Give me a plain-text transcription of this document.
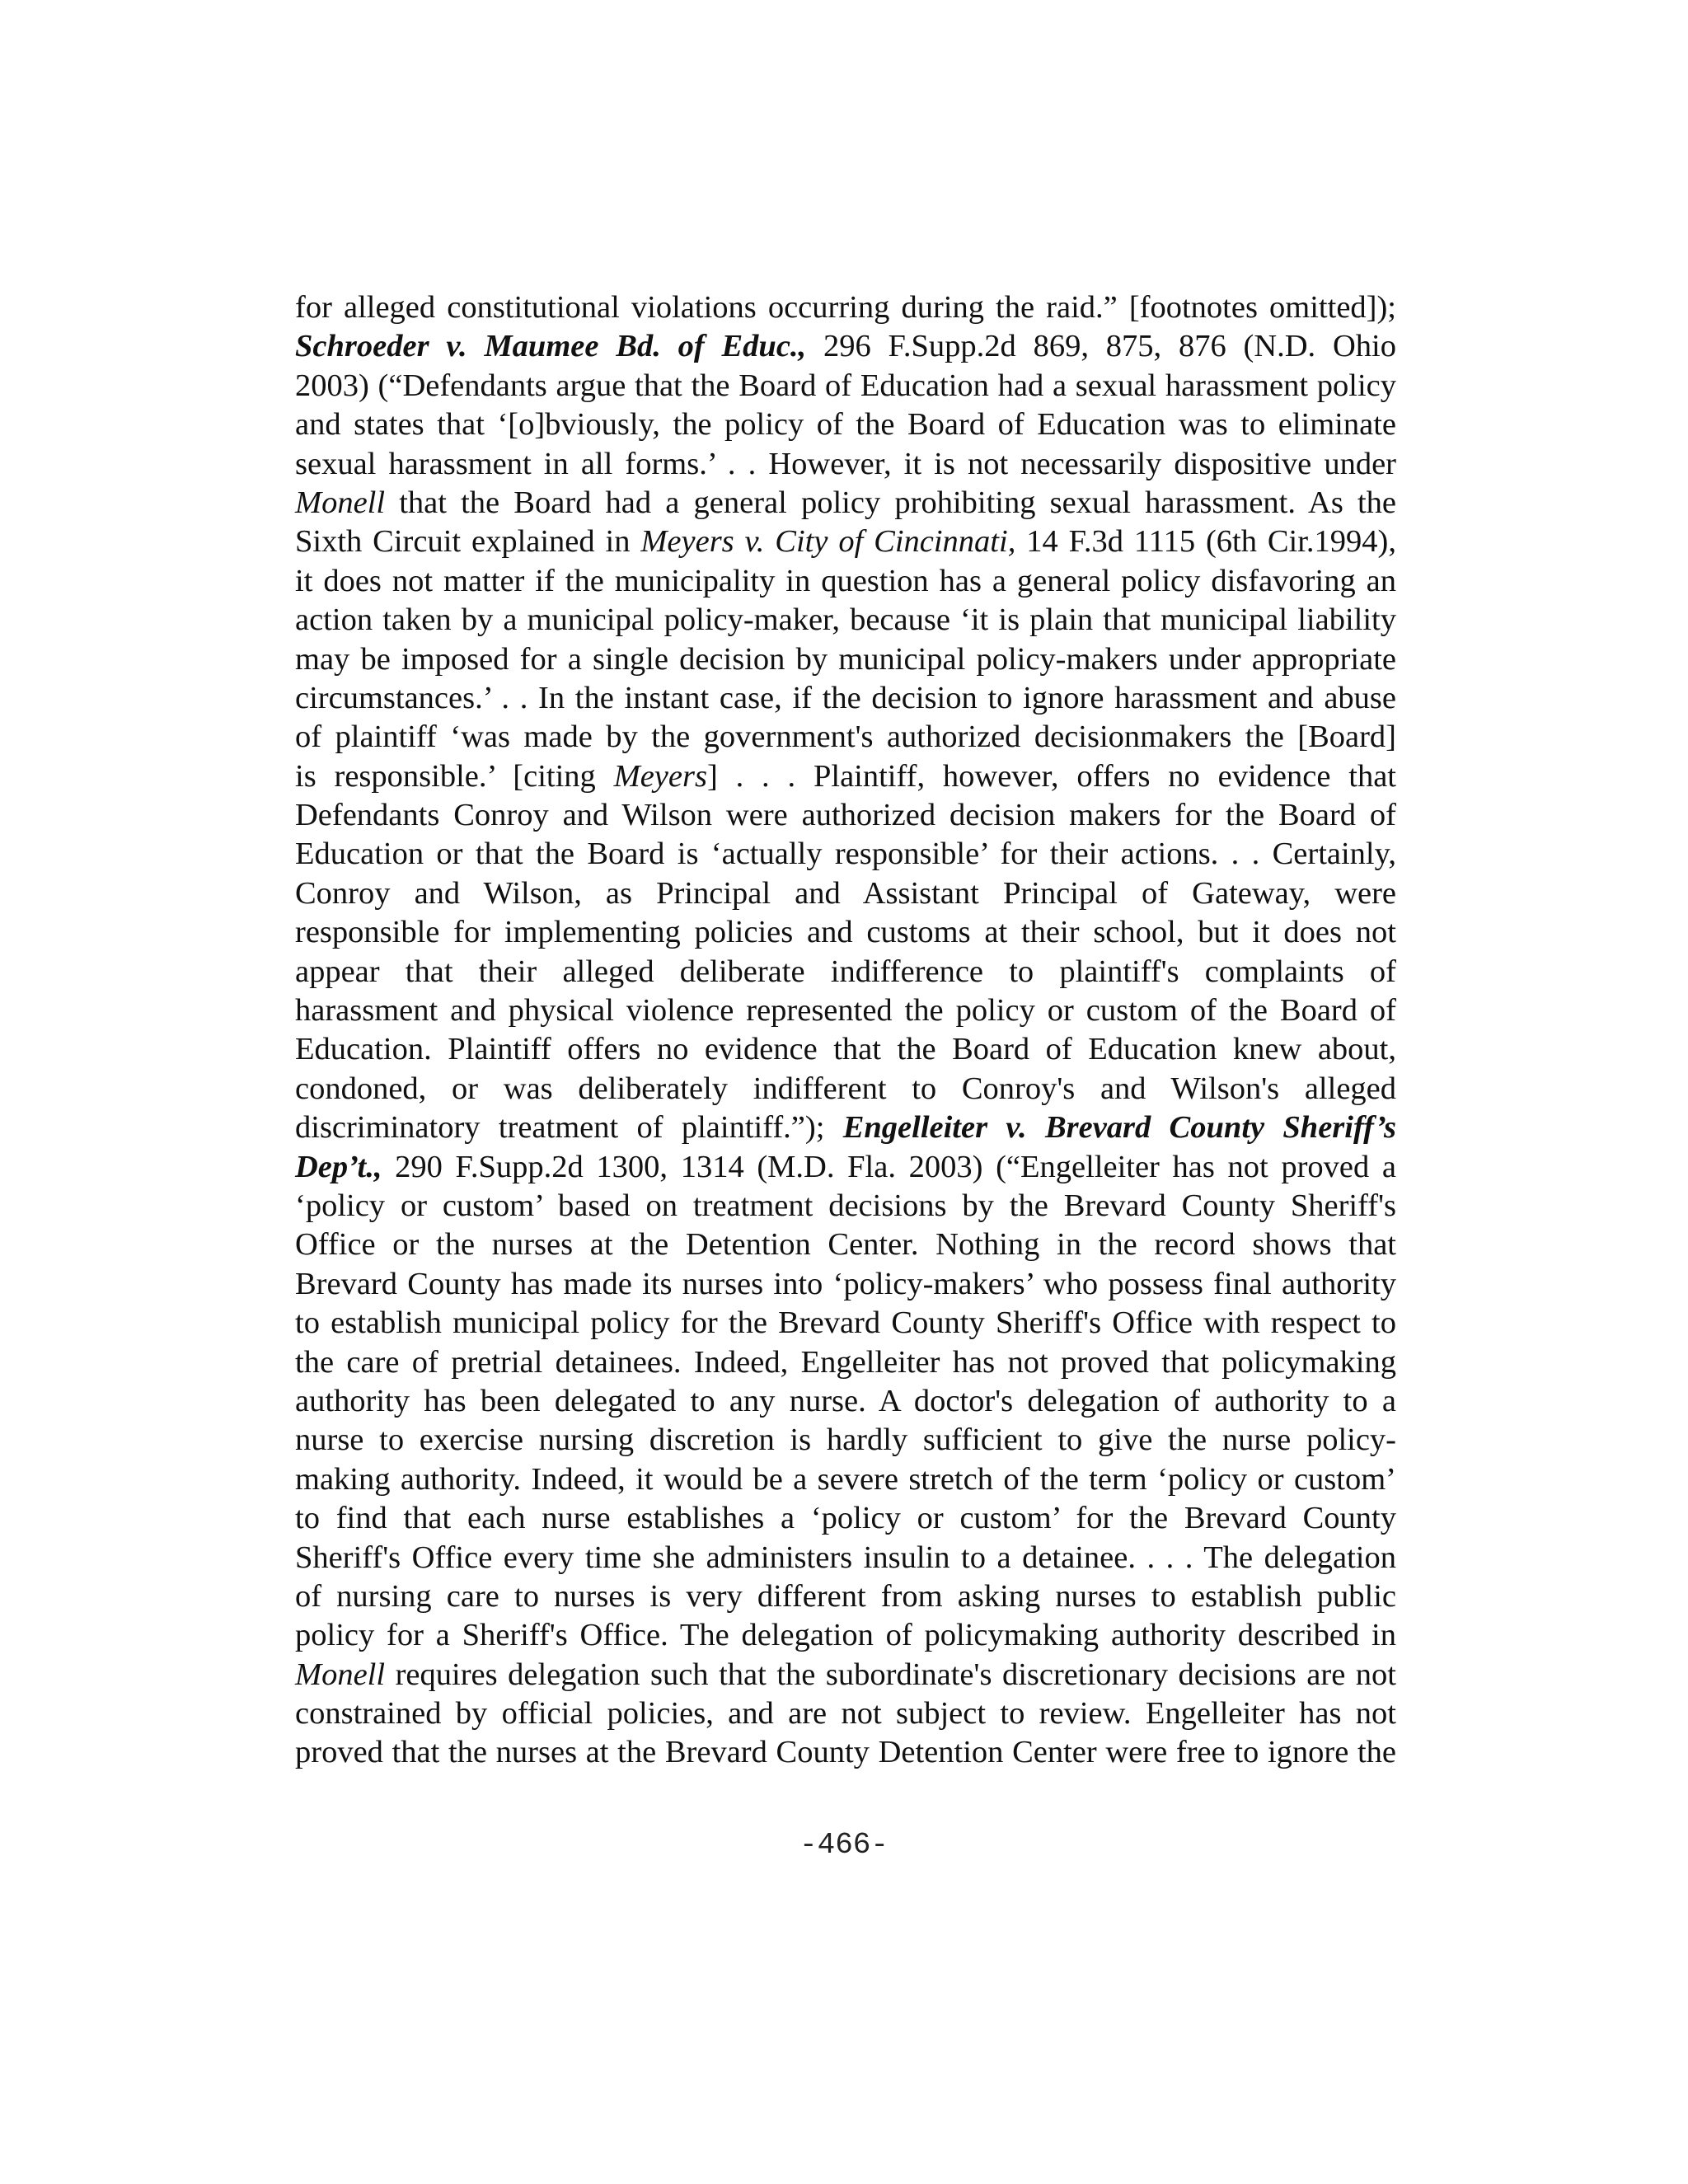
for alleged constitutional violations occurring during the raid.” [footnotes omitted]);
Schroeder v. Maumee Bd. of Educ., 296 F.Supp.2d 869, 875, 876 (N.D. Ohio
2003) (“Defendants argue that the Board of Education had a sexual harassment policy
and states that ‘[o]bviously, the policy of the Board of Education was to eliminate
sexual harassment in all forms.’ . . However, it is not necessarily dispositive under
Monell that the Board had a general policy prohibiting sexual harassment. As the
Sixth Circuit explained in Meyers v. City of Cincinnati, 14 F.3d 1115 (6th Cir.1994),
it does not matter if the municipality in question has a general policy disfavoring an
action taken by a municipal policy-maker, because ‘it is plain that municipal liability
may be imposed for a single decision by municipal policy-makers under appropriate
circumstances.’ . . In the instant case, if the decision to ignore harassment and abuse
of plaintiff ‘was made by the government's authorized decisionmakers the [Board]
is responsible.’ [citing Meyers] . . . Plaintiff, however, offers no evidence that
Defendants Conroy and Wilson were authorized decision makers for the Board of
Education or that the Board is ‘actually responsible’ for their actions. . . Certainly,
Conroy and Wilson, as Principal and Assistant Principal of Gateway, were
responsible for implementing policies and customs at their school, but it does not
appear that their alleged deliberate indifference to plaintiff's complaints of
harassment and physical violence represented the policy or custom of the Board of
Education. Plaintiff offers no evidence that the Board of Education knew about,
condoned, or was deliberately indifferent to Conroy's and Wilson's alleged
discriminatory treatment of plaintiff.”); Engelleiter v. Brevard County Sheriff’s
Dep’t., 290 F.Supp.2d 1300, 1314 (M.D. Fla. 2003) (“Engelleiter has not proved a
‘policy or custom’ based on treatment decisions by the Brevard County Sheriff's
Office or the nurses at the Detention Center. Nothing in the record shows that
Brevard County has made its nurses into ‘policy-makers’ who possess final authority
to establish municipal policy for the Brevard County Sheriff's Office with respect to
the care of pretrial detainees. Indeed, Engelleiter has not proved that policymaking
authority has been delegated to any nurse. A doctor's delegation of authority to a
nurse to exercise nursing discretion is hardly sufficient to give the nurse policy-
making authority. Indeed, it would be a severe stretch of the term ‘policy or custom’
to find that each nurse establishes a ‘policy or custom’ for the Brevard County
Sheriff's Office every time she administers insulin to a detainee. . . . The delegation
of nursing care to nurses is very different from asking nurses to establish public
policy for a Sheriff's Office. The delegation of policymaking authority described in
Monell requires delegation such that the subordinate's discretionary decisions are not
constrained by official policies, and are not subject to review. Engelleiter has not
proved that the nurses at the Brevard County Detention Center were free to ignore the
-466-
